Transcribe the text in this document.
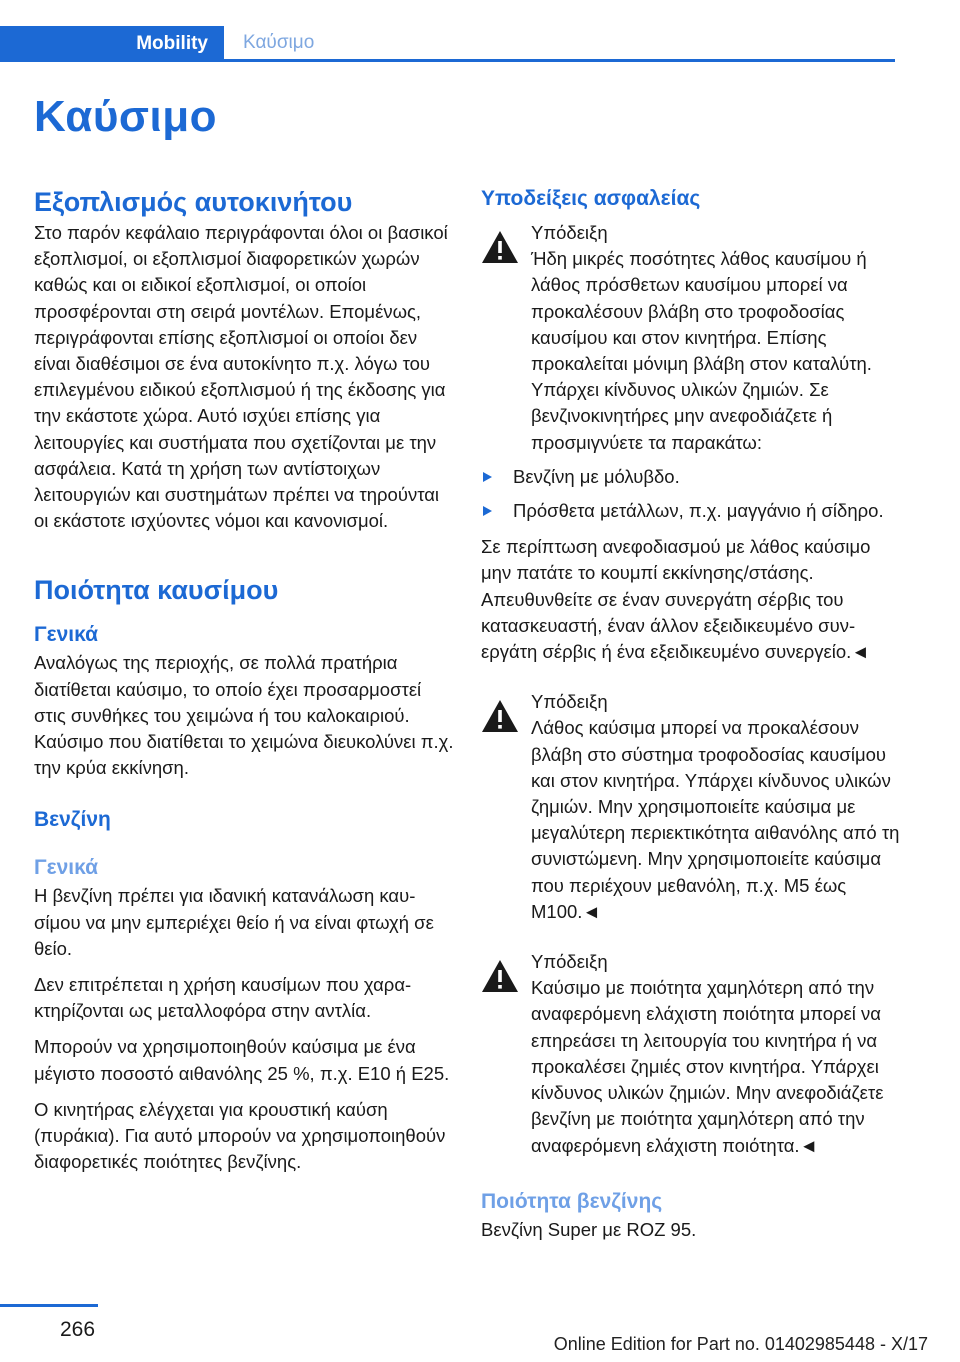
Mobility	Καύσιμο
Καύσιμο
Εξοπλισμός αυτοκινήτου

Στο παρόν κεφάλαιο περιγράφονται όλοι οι βασικοί εξοπλισμοί, οι εξοπλισμοί διαφορετικών χωρών καθώς και οι ειδικοί εξοπλισμοί, οι οποίοι προσφέρονται στη σειρά μοντέλων. Επομένως, περιγράφονται επίσης εξοπλισμοί οι οποίοι δεν είναι διαθέσιμοι σε ένα αυτοκίνητο π.χ. λόγω του επιλεγμένου ειδικού εξοπλισμού ή της έκδοσης για την εκάστοτε χώρα. Αυτό ισχύει επίσης για λειτουργίες και συστήματα που σχετίζονται με την ασφάλεια. Κατά τη χρήση των αντίστοιχων λειτουργιών και συστημάτων πρέπει να τηρούνται οι εκάστοτε ισχύοντες νόμοι και κανονισμοί.

Ποιότητα καυσίμου
Γενικά

Αναλόγως της περιοχής, σε πολλά πρατήρια διατίθεται καύσιμο, το οποίο έχει προσαρμοστεί στις συνθήκες του χειμώνα ή του καλοκαιριού. Καύσιμο που διατίθεται το χειμώνα διευκολύνει π.χ. την κρύα εκκίνηση.

Βενζίνη
Γενικά

Η βενζίνη πρέπει για ιδανική κατανάλωση καυσίμου να μην εμπεριέχει θείο ή να είναι φτωχή σε θείο.

Δεν επιτρέπεται η χρήση καυσίμων που χαρακτηρίζονται ως μεταλλοφόρα στην αντλία.

Μπορούν να χρησιμοποιηθούν καύσιμα με ένα μέγιστο ποσοστό αιθανόλης 25 %, π.χ. E10 ή E25.

Ο κινητήρας ελέγχεται για κρουστική καύση (πυράκια). Για αυτό μπορούν να χρησιμοποιηθούν διαφορετικές ποιότητες βενζίνης.

Υποδείξεις ασφαλείας

Υπόδειξη

Ήδη μικρές ποσότητες λάθος καυσίμου ή λάθος πρόσθετων καυσίμου μπορεί να προκαλέσουν βλάβη στο τροφοδοσίας καυσίμου και στον κινητήρα. Επίσης προκαλείται μόνιμη βλάβη στον καταλύτη. Υπάρχει κίνδυνος υλικών ζημιών. Σε βενζινοκινητήρες μην ανεφοδιάζετε ή προσμιγνύετε τα παρακάτω:

Βενζίνη με μόλυβδο.
Πρόσθετα μετάλλων, π.χ. μαγγάνιο ή σίδηρο.

Σε περίπτωση ανεφοδιασμού με λάθος καύσιμο μην πατάτε το κουμπί εκκίνησης/στάσης. Απευθυνθείτε σε έναν συνεργάτη σέρβις του κατασκευαστή, έναν άλλον εξειδικευμένο συνεργάτη σέρβις ή ένα εξειδικευμένο συνεργείο.◄

Υπόδειξη

Λάθος καύσιμα μπορεί να προκαλέσουν βλάβη στο σύστημα τροφοδοσίας καυσίμου και στον κινητήρα. Υπάρχει κίνδυνος υλικών ζημιών. Μην χρησιμοποιείτε καύσιμα με μεγαλύτερη περιεκτικότητα αιθανόλης από τη συνιστώμενη. Μην χρησιμοποιείτε καύσιμα που περιέχουν μεθανόλη, π.χ. M5 έως M100.◄

Υπόδειξη

Καύσιμο με ποιότητα χαμηλότερη από την αναφερόμενη ελάχιστη ποιότητα μπορεί να επηρεάσει τη λειτουργία του κινητήρα ή να προκαλέσει ζημιές στον κινητήρα. Υπάρχει κίνδυνος υλικών ζημιών. Μην ανεφοδιάζετε βενζίνη με ποιότητα χαμηλότερη από την αναφερόμενη ελάχιστη ποιότητα.◄

Ποιότητα βενζίνης

Βενζίνη Super με ROZ 95.

266
Online Edition for Part no. 01402985448 - X/17
